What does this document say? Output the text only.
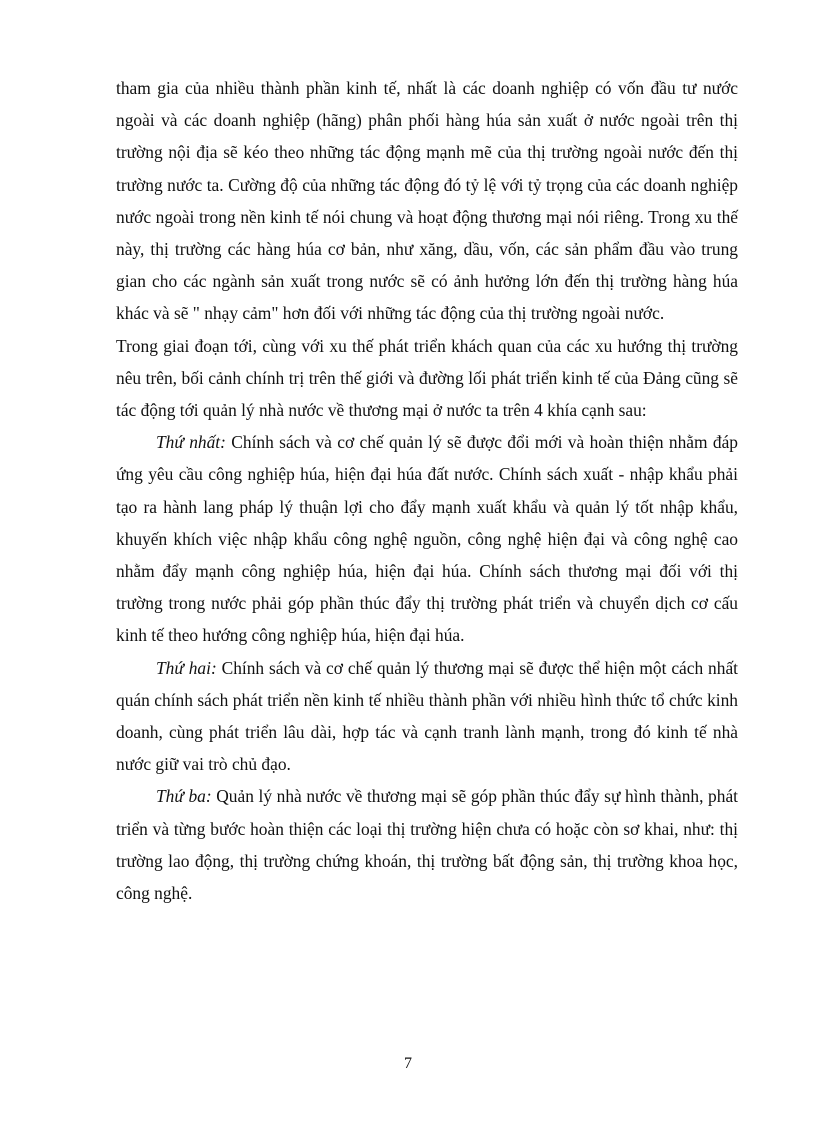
tham gia của nhiều thành phần kinh tế, nhất là các doanh nghiệp có vốn đầu tư nước ngoài và các doanh nghiệp (hãng) phân phối hàng húa sản xuất ở nước ngoài trên thị trường nội địa sẽ kéo theo những tác động mạnh mẽ của thị trường ngoài nước đến thị trường nước ta. Cường độ của những tác động đó tỷ lệ với tỷ trọng của các doanh nghiệp nước ngoài trong nền kinh tế nói chung và hoạt động thương mại nói riêng. Trong xu thế này, thị trường các hàng húa cơ bản, như xăng, dầu, vốn, các sản phẩm đầu vào trung gian cho các ngành sản xuất trong nước sẽ có ảnh hưởng lớn đến thị trường hàng húa khác và sẽ " nhạy cảm" hơn đối với những tác động của thị trường ngoài nước.

Trong giai đoạn tới, cùng với xu thế phát triển khách quan của các xu hướng thị trường nêu trên, bối cảnh chính trị trên thế giới và đường lối phát triển kinh tế của Đảng cũng sẽ tác động tới quản lý nhà nước về thương mại ở nước ta trên 4 khía cạnh sau:

Thứ nhất: Chính sách và cơ chế quản lý sẽ được đổi mới và hoàn thiện nhằm đáp ứng yêu cầu công nghiệp húa, hiện đại húa đất nước. Chính sách xuất - nhập khẩu phải tạo ra hành lang pháp lý thuận lợi cho đẩy mạnh xuất khẩu và quản lý tốt nhập khẩu, khuyến khích việc nhập khẩu công nghệ nguồn, công nghệ hiện đại và công nghệ cao nhằm đẩy mạnh công nghiệp húa, hiện đại húa. Chính sách thương mại đối với thị trường trong nước phải góp phần thúc đẩy thị trường phát triển và chuyển dịch cơ cấu kinh tế theo hướng công nghiệp húa, hiện đại húa.

Thứ hai: Chính sách và cơ chế quản lý thương mại sẽ được thể hiện một cách nhất quán chính sách phát triển nền kinh tế nhiều thành phần với nhiều hình thức tổ chức kinh doanh, cùng phát triển lâu dài, hợp tác và cạnh tranh lành mạnh, trong đó kinh tế nhà nước giữ vai trò chủ đạo.

Thứ ba: Quản lý nhà nước về thương mại sẽ góp phần thúc đẩy sự hình thành, phát triển và từng bước hoàn thiện các loại thị trường hiện chưa có hoặc còn sơ khai, như: thị trường lao động, thị trường chứng khoán, thị trường bất động sản, thị trường khoa học, công nghệ.

7
